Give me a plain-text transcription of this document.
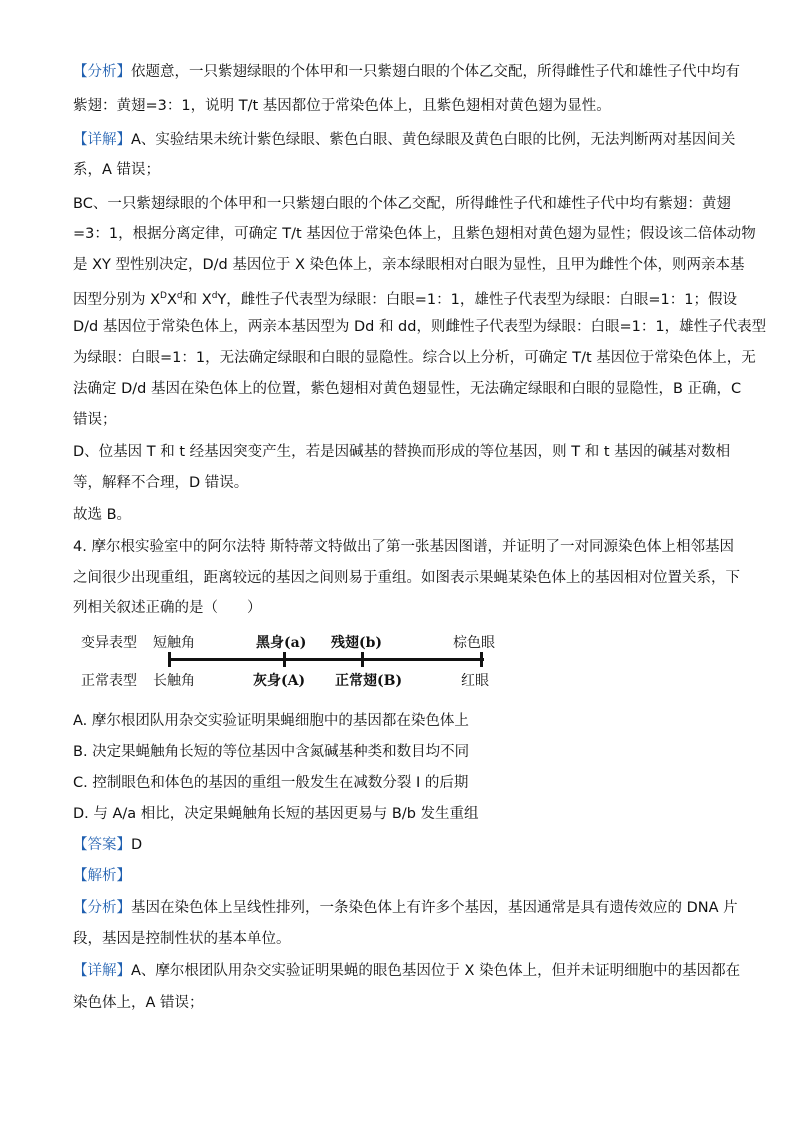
【分析】依题意，一只紫翅绿眼的个体甲和一只紫翅白眼的个体乙交配，所得雌性子代和雄性子代中均有
紫翅：黄翅=3：1，说明 T/t 基因都位于常染色体上，且紫色翅相对黄色翅为显性。
【详解】A、实验结果未统计紫色绿眼、紫色白眼、黄色绿眼及黄色白眼的比例，无法判断两对基因间关
系，A 错误；
BC、一只紫翅绿眼的个体甲和一只紫翅白眼的个体乙交配，所得雌性子代和雄性子代中均有紫翅：黄翅
=3：1，根据分离定律，可确定 T/t 基因位于常染色体上，且紫色翅相对黄色翅为显性；假设该二倍体动物
是 XY 型性别决定，D/d 基因位于 X 染色体上，亲本绿眼相对白眼为显性，且甲为雌性个体，则两亲本基
因型分别为 $X^DX^d$和 $X^dY$，雌性子代表型为绿眼：白眼=1：1，雄性子代表型为绿眼：白眼=1：1；假设
D/d 基因位于常染色体上，两亲本基因型为 Dd 和 dd，则雌性子代表型为绿眼：白眼=1：1，雄性子代表型
为绿眼：白眼=1：1，无法确定绿眼和白眼的显隐性。综合以上分析，可确定 T/t 基因位于常染色体上，无
法确定 D/d 基因在染色体上的位置，紫色翅相对黄色翅显性，无法确定绿眼和白眼的显隐性，B 正确，C
错误；
D、位基因 T 和 t 经基因突变产生，若是因碱基的替换而形成的等位基因，则 T 和 t 基因的碱基对数相
等，解释不合理，D 错误。
故选 B。
4. 摩尔根实验室中的阿尔法特 斯特蒂文特做出了第一张基因图谱，并证明了一对同源染色体上相邻基因
之间很少出现重组，距离较远的基因之间则易于重组。如图表示果蝇某染色体上的基因相对位置关系，下
列相关叙述正确的是（　　）
变异表型
正常表型
短触角	黑身(a) 残翅(b)	棕色眼
长触角	灰身(A) 正常翅(B)	红眼
A. 摩尔根团队用杂交实验证明果蝇细胞中的基因都在染色体上
B. 决定果蝇触角长短的等位基因中含氮碱基种类和数目均不同
C. 控制眼色和体色的基因的重组一般发生在减数分裂 I 的后期
D. 与 A/a 相比，决定果蝇触角长短的基因更易与 B/b 发生重组
【答案】D
【解析】
【分析】基因在染色体上呈线性排列，一条染色体上有许多个基因，基因通常是具有遗传效应的 DNA 片
段，基因是控制性状的基本单位。
【详解】A、摩尔根团队用杂交实验证明果蝇的眼色基因位于 X 染色体上，但并未证明细胞中的基因都在
染色体上，A 错误；
